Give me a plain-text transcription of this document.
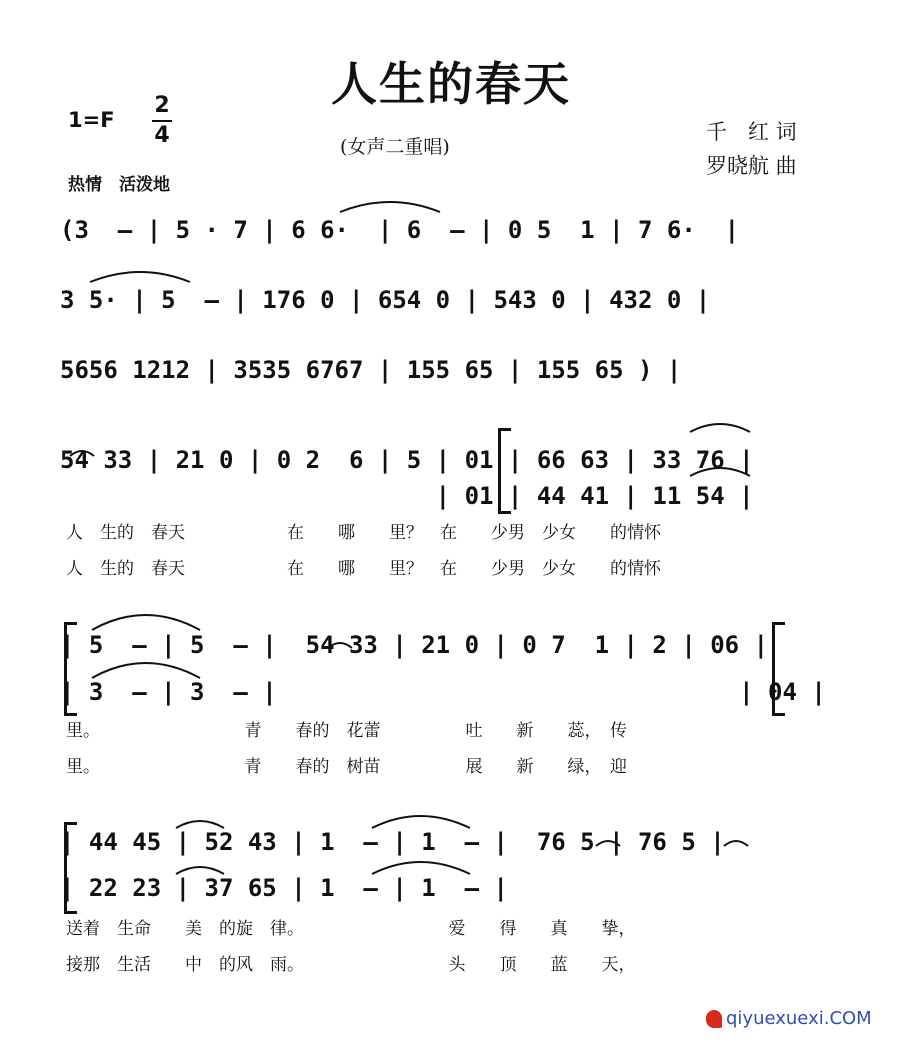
人生的春天
(女声二重唱)
1=F
2
4
热情　活泼地
千　红 词
罗晓航 曲
(3  – | 5 · 7 | 6 6·  | 6  – | 0 5  1 | 7 6·  |
3 5· | 5  – | 176 0 | 654 0 | 543 0 | 432 0 |
5656 1212 | 3535 6767 | 155 65 | 155 65 ) |
54 33 | 21 0 | 0 2  6 | 5 | 01 | 66 63 | 33 76 |
| 01 | 44 41 | 11 54 |
人　生的　春天　　　　　　在　　哪　　里？　在　　少男　少女　　的情怀
人　生的　春天　　　　　　在　　哪　　里？　在　　少男　少女　　的情怀
| 5  – | 5  – |  54 33 | 21 0 | 0 7  1 | 2 | 06 |
| 3  – | 3  – |                                | 04 |
里。　　　　　　　　　青　　春的　花蕾　　　　　吐　　新　　蕊，　传
里。　　　　　　　　　青　　春的　树苗　　　　　展　　新　　绿，　迎
| 44 45 | 52 43 | 1  – | 1  – |  76 5 | 76 5 |
| 22 23 | 37 65 | 1  – | 1  – |
送着　生命　　美　的旋　律。　　　　　　　　　爱　　得　　真　　挚，
接那　生活　　中　的风　雨。　　　　　　　　　头　　顶　　蓝　　天，
qiyuexuexi.COM
